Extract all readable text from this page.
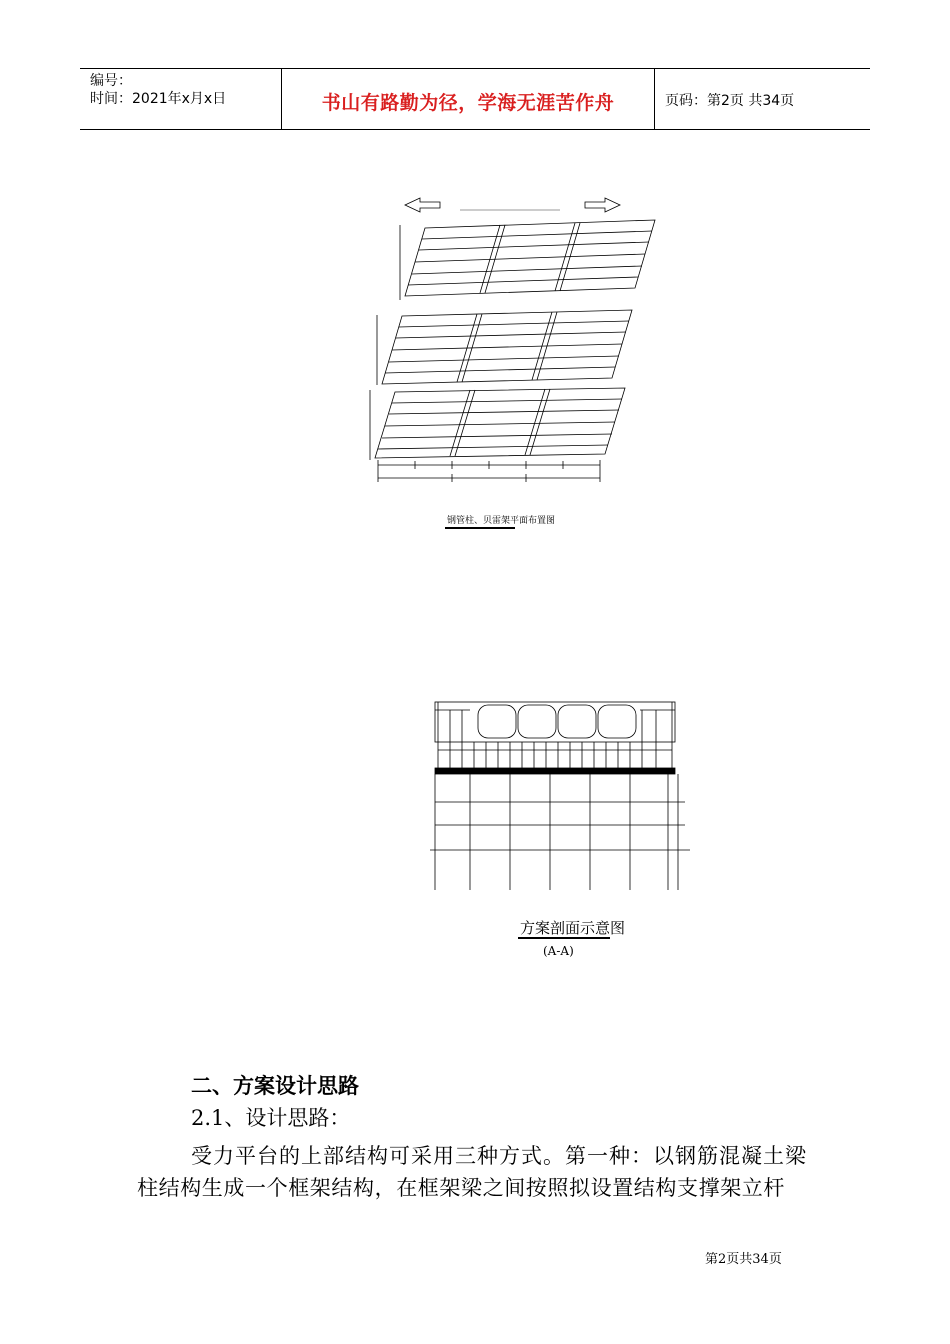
编号：
时间：2021年x月x日	书山有路勤为径，学海无涯苦作舟	页码：第2页 共34页
钢管柱、贝雷架平面布置图
方案剖面示意图
(A-A)
二、方案设计思路
2.1、设计思路：
受力平台的上部结构可采用三种方式。第一种：以钢筋混凝土梁
柱结构生成一个框架结构，在框架梁之间按照拟设置结构支撑架立杆
第2页共34页
